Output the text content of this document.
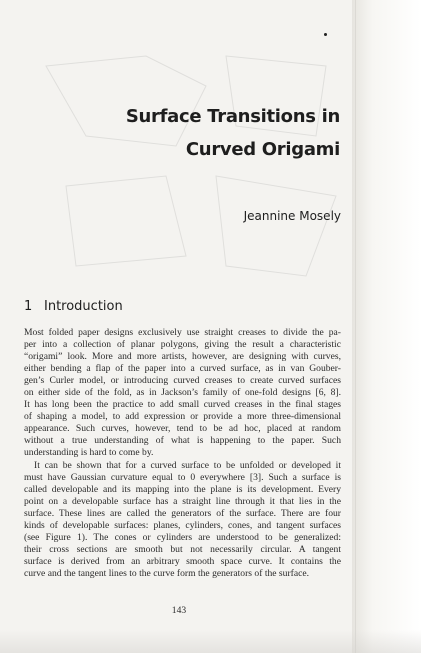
Surface Transitions in
Curved Origami
Jeannine Mosely
1 Introduction
Most folded paper designs exclusively use straight creases to divide the pa-
per into a collection of planar polygons, giving the result a characteristic
“origami” look. More and more artists, however, are designing with curves,
either bending a flap of the paper into a curved surface, as in van Gouber-
gen’s Curler model, or introducing curved creases to create curved surfaces
on either side of the fold, as in Jackson’s family of one-fold designs [6, 8].
It has long been the practice to add small curved creases in the final stages
of shaping a model, to add expression or provide a more three-dimensional
appearance. Such curves, however, tend to be ad hoc, placed at random
without a true understanding of what is happening to the paper. Such
understanding is hard to come by.
It can be shown that for a curved surface to be unfolded or developed it
must have Gaussian curvature equal to 0 everywhere [3]. Such a surface is
called developable and its mapping into the plane is its development. Every
point on a developable surface has a straight line through it that lies in the
surface. These lines are called the generators of the surface. There are four
kinds of developable surfaces: planes, cylinders, cones, and tangent surfaces
(see Figure 1). The cones or cylinders are understood to be generalized:
their cross sections are smooth but not necessarily circular. A tangent
surface is derived from an arbitrary smooth space curve. It contains the
curve and the tangent lines to the curve form the generators of the surface.
143
